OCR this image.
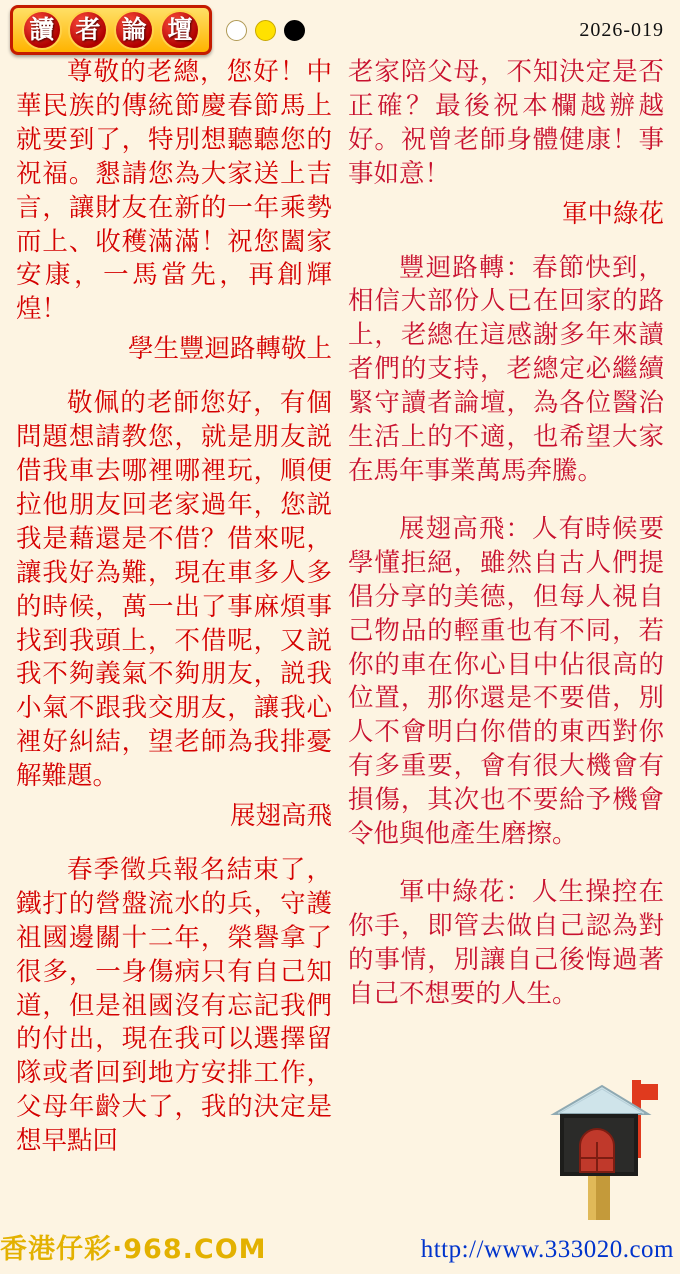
讀 者 論 壇	2026-019

尊敬的老總，您好！中華民族的傳統節慶春節馬上就要到了，特別想聽聽您的祝福。懇請您為大家送上吉言，讓財友在新的一年乘勢而上、收穫滿滿！祝您闔家安康，一馬當先，再創輝煌！

學生豐迴路轉敬上

敬佩的老師您好，有個問題想請教您，就是朋友説借我車去哪裡哪裡玩，順便拉他朋友回老家過年，您説我是藉還是不借？借來呢，讓我好為難，現在車多人多的時候，萬一出了事麻煩事找到我頭上，不借呢，又説我不夠義氣不夠朋友，説我小氣不跟我交朋友，讓我心裡好糾結，望老師為我排憂解難題。

展翅高飛

春季徵兵報名結束了，鐵打的營盤流水的兵，守護祖國邊關十二年，榮譽拿了很多，一身傷病只有自己知道，但是祖國沒有忘記我們的付出，現在我可以選擇留隊或者回到地方安排工作，父母年齡大了，我的決定是想早點回

老家陪父母，不知決定是否正確？最後祝本欄越辦越好。祝曾老師身體健康！事事如意！

軍中綠花

豐迴路轉：春節快到，相信大部份人已在回家的路上，老總在這感謝多年來讀者們的支持，老總定必繼續緊守讀者論壇，為各位醫治生活上的不適，也希望大家在馬年事業萬馬奔騰。

展翅高飛：人有時候要學懂拒絕，雖然自古人們提倡分享的美德，但每人視自己物品的輕重也有不同，若你的車在你心目中佔很高的位置，那你還是不要借，別人不會明白你借的東西對你有多重要，會有很大機會有損傷，其次也不要給予機會令他與他產生磨擦。

軍中綠花：人生操控在你手，即管去做自己認為對的事情，別讓自己後悔過著自己不想要的人生。

香港仔彩·968.COM	http://www.333020.com
